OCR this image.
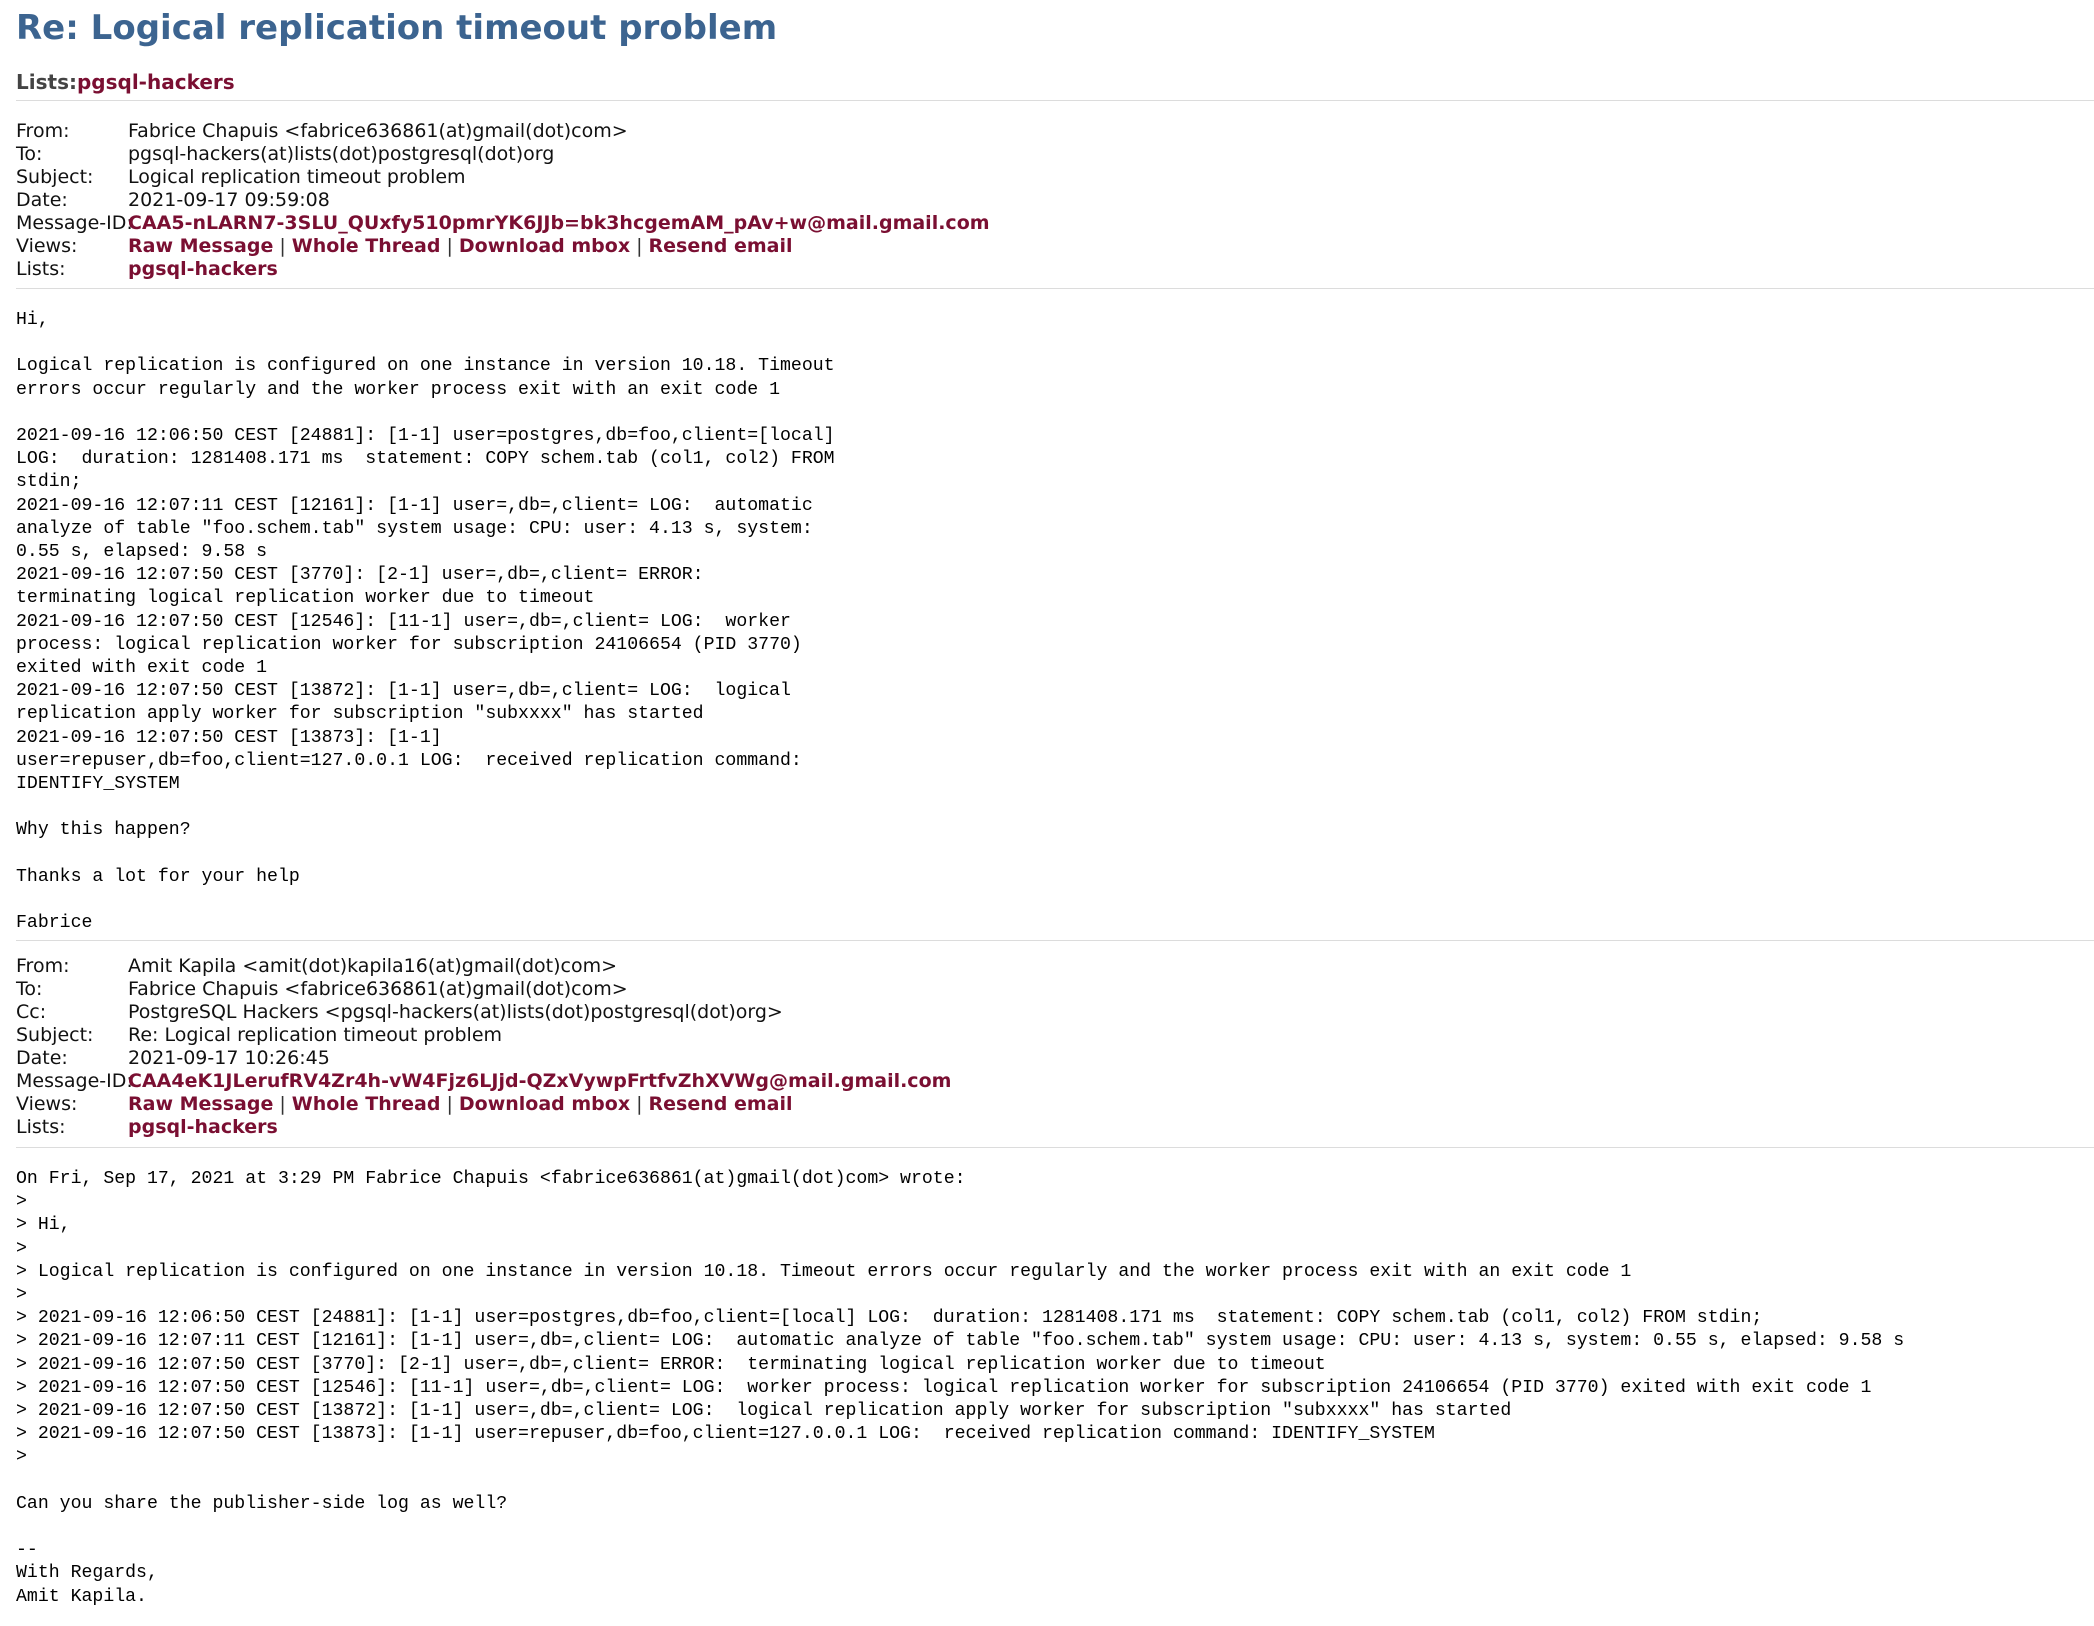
Re: Logical replication timeout problem
Lists:pgsql-hackers
From:	Fabrice Chapuis <fabrice636861(at)gmail(dot)com>
To:	pgsql-hackers(at)lists(dot)postgresql(dot)org
Subject:	Logical replication timeout problem
Date:	2021-09-17 09:59:08
Message-ID:
CAA5-nLARN7-3SLU_QUxfy510pmrYK6JJb=bk3hcgemAM_pAv+w@mail.gmail.com
Views:	Raw Message | Whole Thread | Download mbox | Resend email
Lists:	pgsql-hackers
Hi,

Logical replication is configured on one instance in version 10.18. Timeout
errors occur regularly and the worker process exit with an exit code 1

2021-09-16 12:06:50 CEST [24881]: [1-1] user=postgres,db=foo,client=[local]
LOG:  duration: 1281408.171 ms  statement: COPY schem.tab (col1, col2) FROM
stdin;
2021-09-16 12:07:11 CEST [12161]: [1-1] user=,db=,client= LOG:  automatic
analyze of table "foo.schem.tab" system usage: CPU: user: 4.13 s, system:
0.55 s, elapsed: 9.58 s
2021-09-16 12:07:50 CEST [3770]: [2-1] user=,db=,client= ERROR:
terminating logical replication worker due to timeout
2021-09-16 12:07:50 CEST [12546]: [11-1] user=,db=,client= LOG:  worker
process: logical replication worker for subscription 24106654 (PID 3770)
exited with exit code 1
2021-09-16 12:07:50 CEST [13872]: [1-1] user=,db=,client= LOG:  logical
replication apply worker for subscription "subxxxx" has started
2021-09-16 12:07:50 CEST [13873]: [1-1]
user=repuser,db=foo,client=127.0.0.1 LOG:  received replication command:
IDENTIFY_SYSTEM

Why this happen?

Thanks a lot for your help

Fabrice
From:	Amit Kapila <amit(dot)kapila16(at)gmail(dot)com>
To:	Fabrice Chapuis <fabrice636861(at)gmail(dot)com>
Cc:	PostgreSQL Hackers <pgsql-hackers(at)lists(dot)postgresql(dot)org>
Subject:	Re: Logical replication timeout problem
Date:	2021-09-17 10:26:45
Message-ID:
CAA4eK1JLerufRV4Zr4h-vW4Fjz6LJjd-QZxVywpFrtfvZhXVWg@mail.gmail.com
Views:	Raw Message | Whole Thread | Download mbox | Resend email
Lists:	pgsql-hackers
On Fri, Sep 17, 2021 at 3:29 PM Fabrice Chapuis <fabrice636861(at)gmail(dot)com> wrote:
>
> Hi,
>
> Logical replication is configured on one instance in version 10.18. Timeout errors occur regularly and the worker process exit with an exit code 1
>
> 2021-09-16 12:06:50 CEST [24881]: [1-1] user=postgres,db=foo,client=[local] LOG:  duration: 1281408.171 ms  statement: COPY schem.tab (col1, col2) FROM stdin;
> 2021-09-16 12:07:11 CEST [12161]: [1-1] user=,db=,client= LOG:  automatic analyze of table "foo.schem.tab" system usage: CPU: user: 4.13 s, system: 0.55 s, elapsed: 9.58 s
> 2021-09-16 12:07:50 CEST [3770]: [2-1] user=,db=,client= ERROR:  terminating logical replication worker due to timeout
> 2021-09-16 12:07:50 CEST [12546]: [11-1] user=,db=,client= LOG:  worker process: logical replication worker for subscription 24106654 (PID 3770) exited with exit code 1
> 2021-09-16 12:07:50 CEST [13872]: [1-1] user=,db=,client= LOG:  logical replication apply worker for subscription "subxxxx" has started
> 2021-09-16 12:07:50 CEST [13873]: [1-1] user=repuser,db=foo,client=127.0.0.1 LOG:  received replication command: IDENTIFY_SYSTEM
>

Can you share the publisher-side log as well?

--
With Regards,
Amit Kapila.
